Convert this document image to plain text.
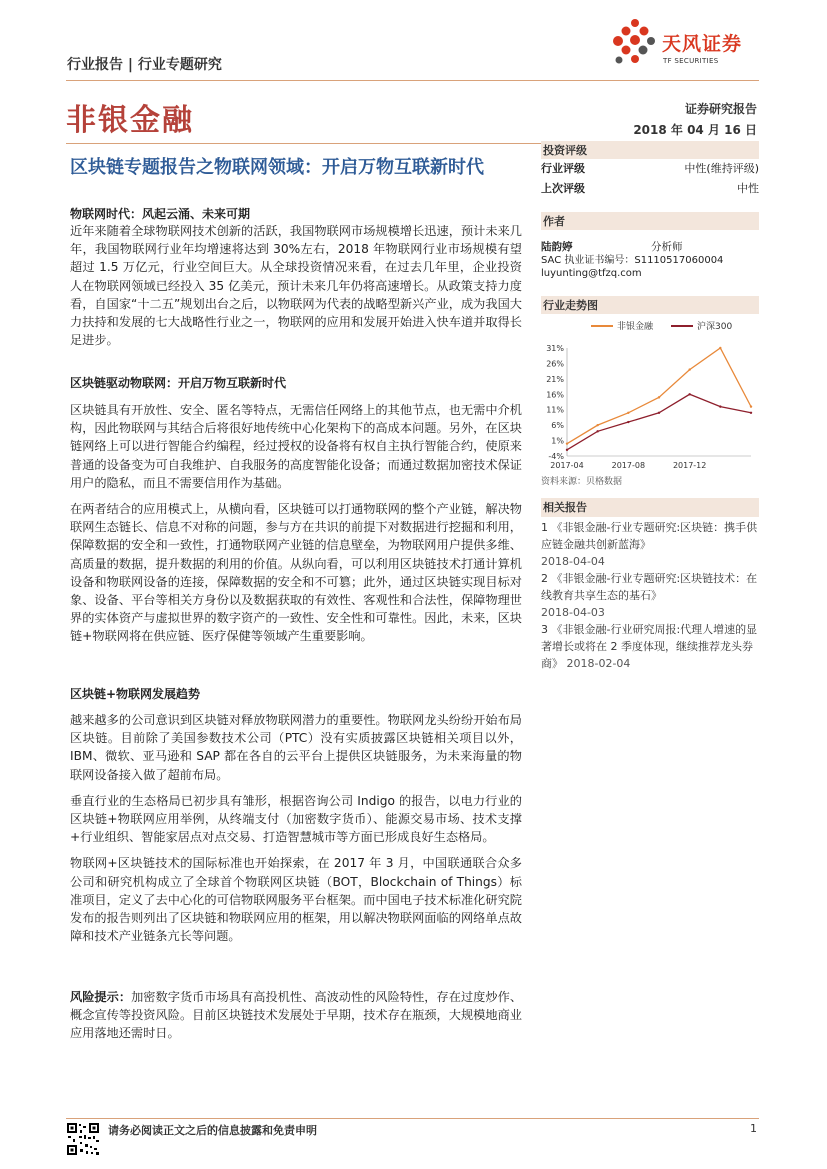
行业报告 | 行业专题研究
天风证券
TF SECURITIES
非银金融	证券研究报告
2018 年 04 月 16 日
区块链专题报告之物联网领域：开启万物互联新时代
物联网时代：风起云涌、未来可期

近年来随着全球物联网技术创新的活跃，我国物联网市场规模增长迅速，预计未来几年，我国物联网行业年均增速将达到 30%左右，2018 年物联网行业市场规模有望超过 1.5 万亿元，行业空间巨大。从全球投资情况来看，在过去几年里，企业投资人在物联网领域已经投入 35 亿美元，预计未来几年仍将高速增长。从政策支持力度看，自国家“十二五”规划出台之后，以物联网为代表的战略型新兴产业，成为我国大力扶持和发展的七大战略性行业之一，物联网的应用和发展开始进入快车道并取得长足进步。

区块链驱动物联网：开启万物互联新时代

区块链具有开放性、安全、匿名等特点，无需信任网络上的其他节点，也无需中介机构，因此物联网与其结合后将很好地传统中心化架构下的高成本问题。另外，在区块链网络上可以进行智能合约编程，经过授权的设备将有权自主执行智能合约，使原来普通的设备变为可自我维护、自我服务的高度智能化设备；而通过数据加密技术保证用户的隐私，而且不需要信用作为基础。

在两者结合的应用模式上，从横向看，区块链可以打通物联网的整个产业链，解决物联网生态链长、信息不对称的问题，参与方在共识的前提下对数据进行挖掘和利用，保障数据的安全和一致性，打通物联网产业链的信息壁垒，为物联网用户提供多维、高质量的数据，提升数据的利用的价值。从纵向看，可以利用区块链技术打通计算机设备和物联网设备的连接，保障数据的安全和不可篡；此外，通过区块链实现目标对象、设备、平台等相关方身份以及数据获取的有效性、客观性和合法性，保障物理世界的实体资产与虚拟世界的数字资产的一致性、安全性和可靠性。因此，未来，区块链+物联网将在供应链、医疗保健等领域产生重要影响。

区块链+物联网发展趋势

越来越多的公司意识到区块链对释放物联网潜力的重要性。物联网龙头纷纷开始布局区块链。目前除了美国参数技术公司（PTC）没有实质披露区块链相关项目以外，IBM、微软、亚马逊和 SAP 都在各自的云平台上提供区块链服务，为未来海量的物联网设备接入做了超前布局。

垂直行业的生态格局已初步具有雏形，根据咨询公司 Indigo 的报告，以电力行业的区块链+物联网应用举例，从终端支付（加密数字货币）、能源交易市场、技术支撑+行业组织、智能家居点对点交易、打造智慧城市等方面已形成良好生态格局。

物联网+区块链技术的国际标准也开始探索，在 2017 年 3 月，中国联通联合众多公司和研究机构成立了全球首个物联网区块链（BOT，Blockchain of Things）标准项目，定义了去中心化的可信物联网服务平台框架。而中国电子技术标准化研究院发布的报告则列出了区块链和物联网应用的框架，用以解决物联网面临的网络单点故障和技术产业链条亢长等问题。

风险提示：加密数字货币市场具有高投机性、高波动性的风险特性，存在过度炒作、概念宣传等投资风险。目前区块链技术发展处于早期，技术存在瓶颈，大规模地商业应用落地还需时日。

投资评级
行业评级	中性(维持评级)
上次评级	中性
作者
陆韵婷	分析师
SAC 执业证书编号：S1110517060004
luyunting@tfzq.com
行业走势图
非银金融	沪深300
31%
26%
21%
16%
11%
6%
1%
-4%
2017-04	2017-08	2017-12
资料来源：贝格数据
相关报告
1 《非银金融-行业专题研究:区块链：携手供应链金融共创新蓝海》
2018-04-04
2 《非银金融-行业专题研究:区块链技术：在线教育共享生态的基石》
2018-04-03
3 《非银金融-行业研究周报:代理人增速的显著增长或将在 2 季度体现，继续推荐龙头券商》 2018-02-04
请务必阅读正文之后的信息披露和免责申明	1
